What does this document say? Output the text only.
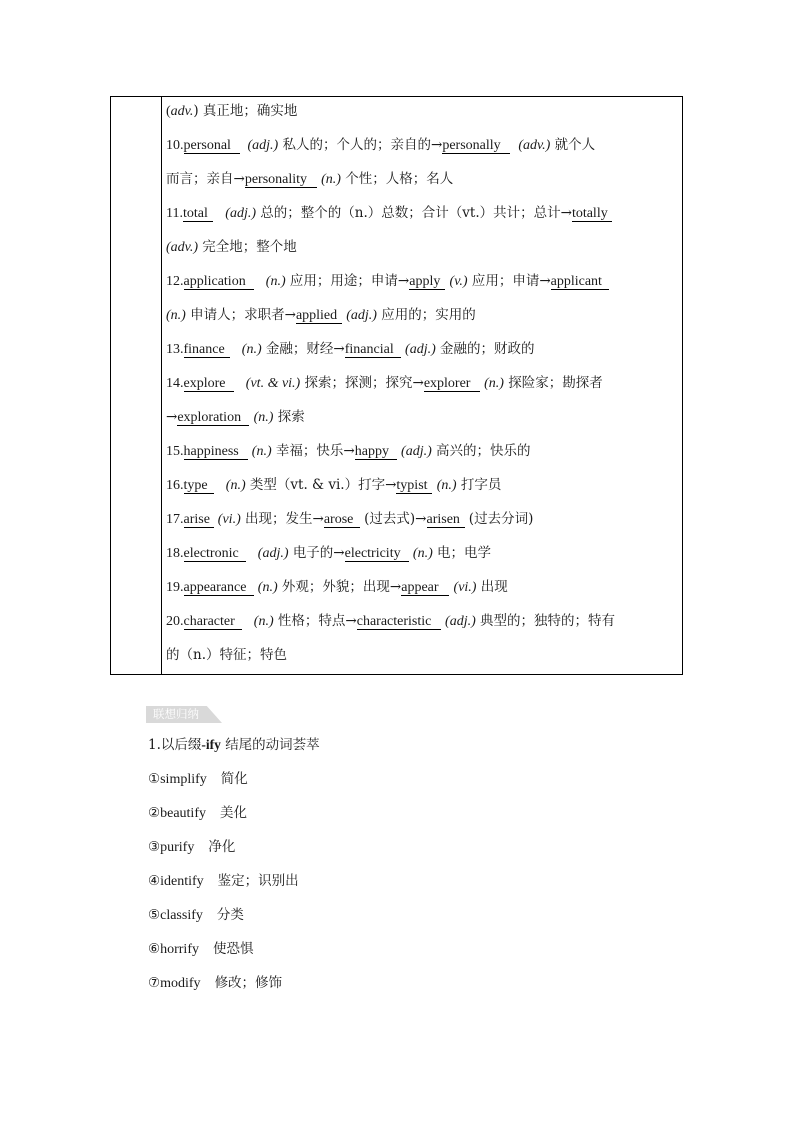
(adv.) 真正地；确实地
10.personal (adj.) 私人的；个人的；亲自的→personally (adv.) 就个人
而言；亲自→personality (n.) 个性；人格；名人
11.total (adj.) 总的；整个的（n.）总数；合计（vt.）共计；总计→totally
(adv.) 完全地；整个地
12.application (n.) 应用；用途；申请→apply (v.) 应用；申请→applicant
(n.) 申请人；求职者→applied (adj.) 应用的；实用的
13.finance (n.) 金融；财经→financial (adj.) 金融的；财政的
14.explore (vt. & vi.) 探索；探测；探究→explorer (n.) 探险家；勘探者
→exploration (n.) 探索
15.happiness (n.) 幸福；快乐→happy (adj.) 高兴的；快乐的
16.type (n.) 类型（vt. & vi.）打字→typist (n.) 打字员
17.arise (vi.) 出现；发生→arose (过去式)→arisen (过去分词)
18.electronic (adj.) 电子的→electricity (n.) 电；电学
19.appearance (n.) 外观；外貌；出现→appear (vi.) 出现
20.character (n.) 性格；特点→characteristic (adj.) 典型的；独特的；特有
的（n.）特征；特色
联想归纳
1.以后缀-ify 结尾的动词荟萃
①simplify 简化
②beautify 美化
③purify 净化
④identify 鉴定；识别出
⑤classify 分类
⑥horrify 使恐惧
⑦modify 修改；修饰
